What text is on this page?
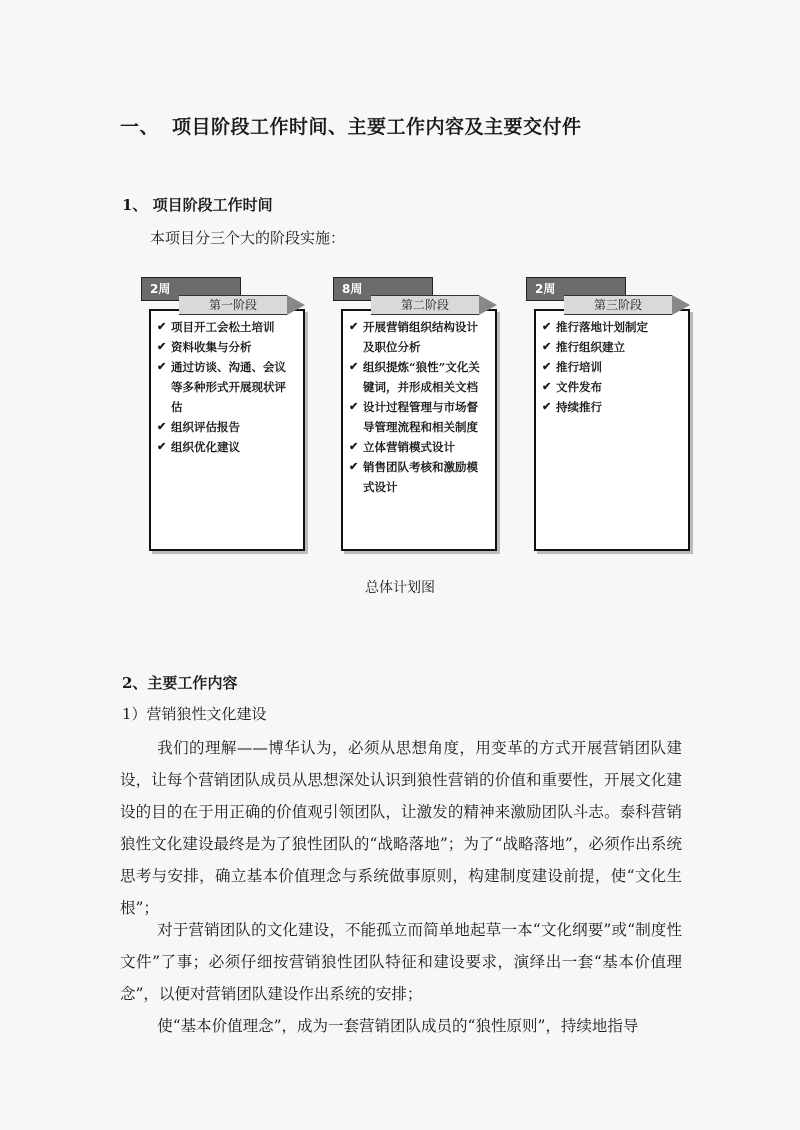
一、 项目阶段工作时间、主要工作内容及主要交付件
1、 项目阶段工作时间
本项目分三个大的阶段实施：
✔ 项目开工会松土培训
✔ 资料收集与分析
✔ 通过访谈、沟通、会议等多种形式开展现状评估
✔ 组织评估报告
✔ 组织优化建议
2周
第一阶段
✔ 开展营销组织结构设计及职位分析
✔ 组织提炼“狼性”文化关键词，并形成相关文档
✔ 设计过程管理与市场督导管理流程和相关制度
✔ 立体营销模式设计
✔ 销售团队考核和激励模式设计
8周
第二阶段
✔ 推行落地计划制定
✔ 推行组织建立
✔ 推行培训
✔ 文件发布
✔ 持续推行
2周
第三阶段
总体计划图
2、主要工作内容
1）营销狼性文化建设
我们的理解——博华认为，必须从思想角度，用变革的方式开展营销团队建设，让每个营销团队成员从思想深处认识到狼性营销的价值和重要性，开展文化建设的目的在于用正确的价值观引领团队，让激发的精神来激励团队斗志。泰科营销狼性文化建设最终是为了狼性团队的“战略落地”；为了“战略落地”，必须作出系统思考与安排，确立基本价值理念与系统做事原则，构建制度建设前提，使“文化生根”；
对于营销团队的文化建设，不能孤立而简单地起草一本“文化纲要”或“制度性文件”了事；必须仔细按营销狼性团队特征和建设要求，演绎出一套“基本价值理念”，以便对营销团队建设作出系统的安排；
使“基本价值理念”，成为一套营销团队成员的“狼性原则”，持续地指导
